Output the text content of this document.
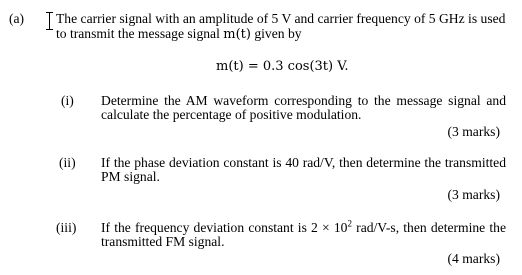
(a) The carrier signal with an amplitude of 5 V and carrier frequency of 5 GHz is used
to transmit the message signal m(t) given by
m(t) = 0.3 cos(3t) V.
(i) Determine the AM waveform corresponding to the message signal and calculate the percentage of positive modulation.
(3 marks)
(ii) If the phase deviation constant is 40 rad/V, then determine the transmitted PM signal.
(3 marks)
(iii) If the frequency deviation constant is $2 \times 10^2$ rad/V-s, then determine the transmitted FM signal.
(4 marks)
